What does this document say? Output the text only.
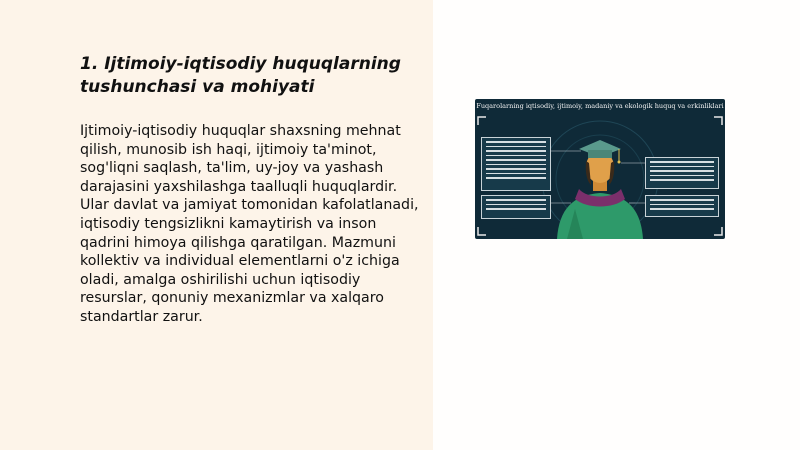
1. Ijtimoiy-iqtisodiy huquqlarning tushunchasi va mohiyati

Ijtimoiy-iqtisodiy huquqlar shaxsning mehnat qilish, munosib ish haqi, ijtimoiy ta'minot, sog'liqni saqlash, ta'lim, uy-joy va yashash darajasini yaxshilashga taalluqli huquqlardir. Ular davlat va jamiyat tomonidan kafolatlanadi, iqtisodiy tengsizlikni kamaytirish va inson qadrini himoya qilishga qaratilgan. Mazmuni kollektiv va individual elementlarni o'z ichiga oladi, amalga oshirilishi uchun iqtisodiy resurslar, qonuniy mexanizmlar va xalqaro standartlar zarur.

Fuqarolarning iqtisodiy, ijtimoiy, madaniy va ekologik huquq va erkinliklari
